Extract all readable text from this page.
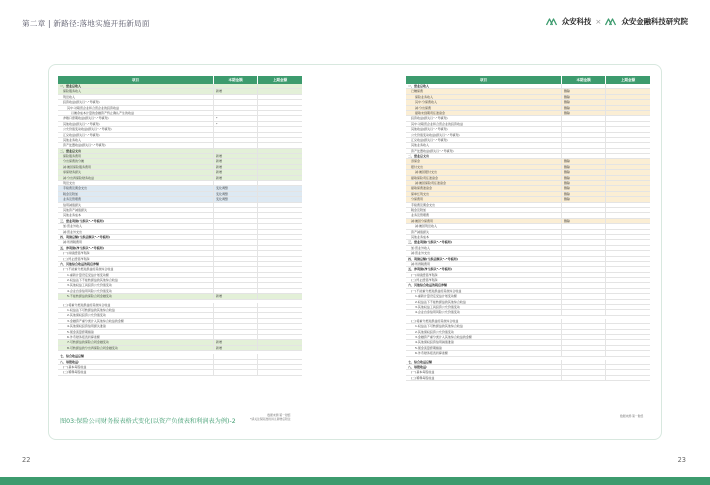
第二章 | 新路径:落地实施开拓新局面	众安科技 ×	众安金融科技研究院
项目	本期金额	上期金额
一、营业总收入
保险服务收入	新增
利息收入
投资收益(损失以“-”号填列)
其中:对联营企业和合营企业的投资收益
以摊余成本计量的金融资产终止确认产生的收益
净敞口套期收益(损失以“-”号填列)	*
其他收益(损失以“-”号填列)	*
公允价值变动收益(损失以“-”号填列)
汇兑收益(损失以“-”号填列)
其他业务收入
资产处置收益(损失以“-”号填列)
二、营业总支出
保险服务费用	新增
分出保费的分摊	新增
减:摊回保险服务费用	新增
承保财务损失	新增
减:分出再保险财务收益	新增
利息支出
手续费及佣金支出	变化调整
税金及附加	变化调整
业务及管理费	变化调整
信用减值损失
其他资产减值损失
其他业务成本
三、营业利润(亏损以“-”号填列)
加:营业外收入
减:营业外支出
四、利润总额(亏损总额以“-”号填列)
减:所得税费用
五、净利润(净亏损以“-”号填列)
(一)持续经营净利润
(二)终止经营净利润
六、其他综合收益的税后净额
(一)不能重分类进损益的其他综合收益
1.重新计量设定受益计划变动额
2.权益法下不能转损益的其他综合收益
3.其他权益工具投资公允价值变动
4.企业自身信用风险公允价值变动
5.不能转损益的保险合同金融变动	新增
(二)将重分类进损益的其他综合收益
1.权益法下可转损益的其他综合收益
2.其他债权投资公允价值变动
3.金融资产重分类计入其他综合收益的金额
4.其他债权投资信用损失准备
5.现金流量套期储备
6.外币财务报表折算差额
7.可转损益的保险合同金融变动	新增
8.可转损益的分出再保险合同金融变动	新增
七、综合收益总额
八、每股收益:
(一)基本每股收益
(二)稀释每股收益
项目	本期金额	上期金额
一、营业总收入
已赚保费	删除
保险业务收入	删除
其中:分保费收入	删除
减:分出保费	删除
提取未到期责任准备金	删除
投资收益(损失以“-”号填列)
其中:对联营企业和合营企业的投资收益
其他收益(损失以“-”号填列)
公允价值变动收益(损失以“-”号填列)
汇兑收益(损失以“-”号填列)
其他业务收入
资产处置收益(损失以“-”号填列)
二、营业总支出
退保金	删除
赔付支出	删除
减:摊回赔付支出	删除
提取保险责任准备金	删除
减:摊回保险责任准备金	删除
提取保费准备金	删除
保单红利支出	删除
分保费用	删除
手续费及佣金支出
税金及附加
业务及管理费
减:摊回分保费用	删除
减:摊回利息收入
资产减值损失
其他业务成本
三、营业利润(亏损以“-”号填列)
加:营业外收入
减:营业外支出
四、利润总额(亏损总额以“-”号填列)
减:所得税费用
五、净利润(净亏损以“-”号填列)
(一)持续经营净利润
(二)终止经营净利润
六、其他综合收益的税后净额
(一)不能重分类进损益的其他综合收益
1.重新计量设定受益计划变动额
2.权益法下不能转损益的其他综合收益
3.其他权益工具投资公允价值变动
4.企业自身信用风险公允价值变动
(二)将重分类进损益的其他综合收益
1.权益法下可转损益的其他综合收益
2.其他债权投资公允价值变动
3.金融资产重分类计入其他综合收益的金额
4.其他债权投资信用减值准备
5.现金流量套期储备
6.外币财务报表折算差额
七、综合收益总额
八、每股收益:
(一)基本每股收益
(二)稀释每股收益
图03:保险公司财务报表格式变化(以资产负债表和利润表为例)-2
数据来源:第一财经
*请关注保险准则讲义新增后附注
数据来源:第一财经
22	23
